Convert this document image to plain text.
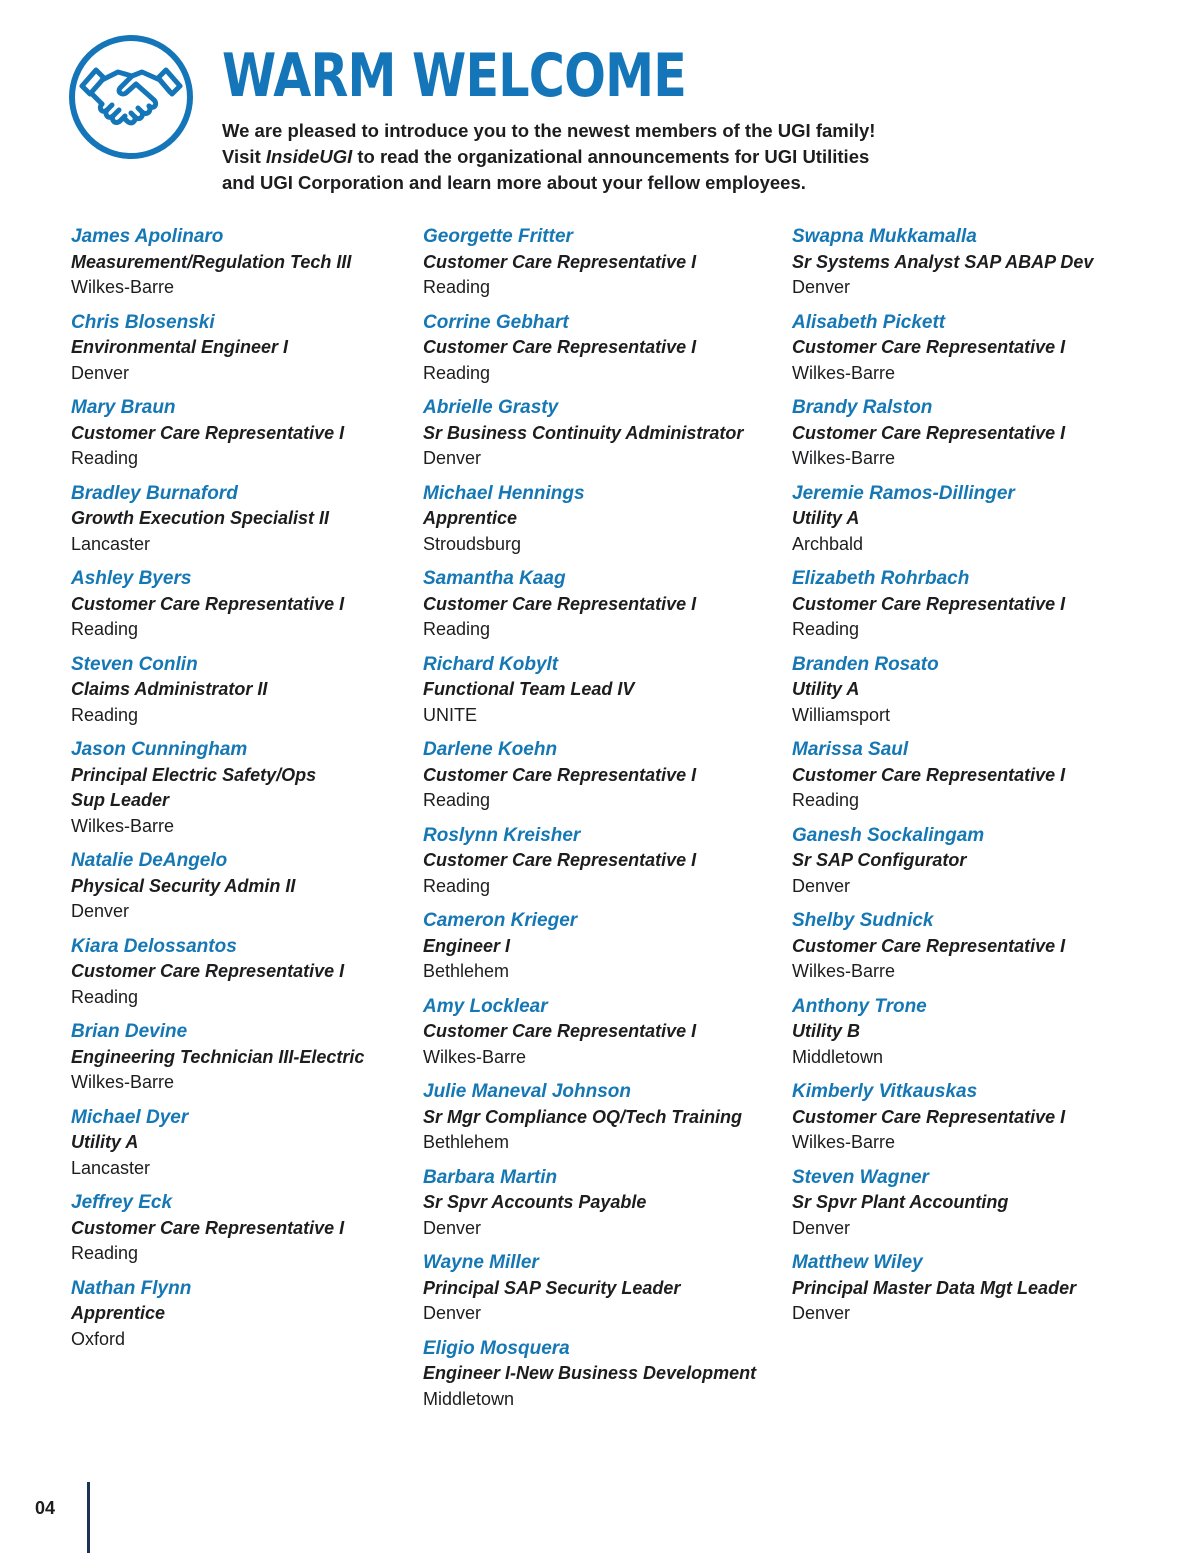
WARM WELCOME

We are pleased to introduce you to the newest members of the UGI family!
Visit InsideUGI to read the organizational announcements for UGI Utilities
and UGI Corporation and learn more about your fellow employees.

James Apolinaro
Measurement/Regulation Tech III
Wilkes-Barre
Chris Blosenski
Environmental Engineer I
Denver
Mary Braun
Customer Care Representative I
Reading
Bradley Burnaford
Growth Execution Specialist II
Lancaster
Ashley Byers
Customer Care Representative I
Reading
Steven Conlin
Claims Administrator II
Reading
Jason Cunningham
Principal Electric Safety/Ops
Sup Leader
Wilkes-Barre
Natalie DeAngelo
Physical Security Admin II
Denver
Kiara Delossantos
Customer Care Representative I
Reading
Brian Devine
Engineering Technician III-Electric
Wilkes-Barre
Michael Dyer
Utility A
Lancaster
Jeffrey Eck
Customer Care Representative I
Reading
Nathan Flynn
Apprentice
Oxford
Georgette Fritter
Customer Care Representative I
Reading
Corrine Gebhart
Customer Care Representative I
Reading
Abrielle Grasty
Sr Business Continuity Administrator
Denver
Michael Hennings
Apprentice
Stroudsburg
Samantha Kaag
Customer Care Representative I
Reading
Richard Kobylt
Functional Team Lead IV
UNITE
Darlene Koehn
Customer Care Representative I
Reading
Roslynn Kreisher
Customer Care Representative I
Reading
Cameron Krieger
Engineer I
Bethlehem
Amy Locklear
Customer Care Representative I
Wilkes-Barre
Julie Maneval Johnson
Sr Mgr Compliance OQ/Tech Training
Bethlehem
Barbara Martin
Sr Spvr Accounts Payable
Denver
Wayne Miller
Principal SAP Security Leader
Denver
Eligio Mosquera
Engineer I-New Business Development
Middletown
Swapna Mukkamalla
Sr Systems Analyst SAP ABAP Dev
Denver
Alisabeth Pickett
Customer Care Representative I
Wilkes-Barre
Brandy Ralston
Customer Care Representative I
Wilkes-Barre
Jeremie Ramos-Dillinger
Utility A
Archbald
Elizabeth Rohrbach
Customer Care Representative I
Reading
Branden Rosato
Utility A
Williamsport
Marissa Saul
Customer Care Representative I
Reading
Ganesh Sockalingam
Sr SAP Configurator
Denver
Shelby Sudnick
Customer Care Representative I
Wilkes-Barre
Anthony Trone
Utility B
Middletown
Kimberly Vitkauskas
Customer Care Representative I
Wilkes-Barre
Steven Wagner
Sr Spvr Plant Accounting
Denver
Matthew Wiley
Principal Master Data Mgt Leader
Denver
04
